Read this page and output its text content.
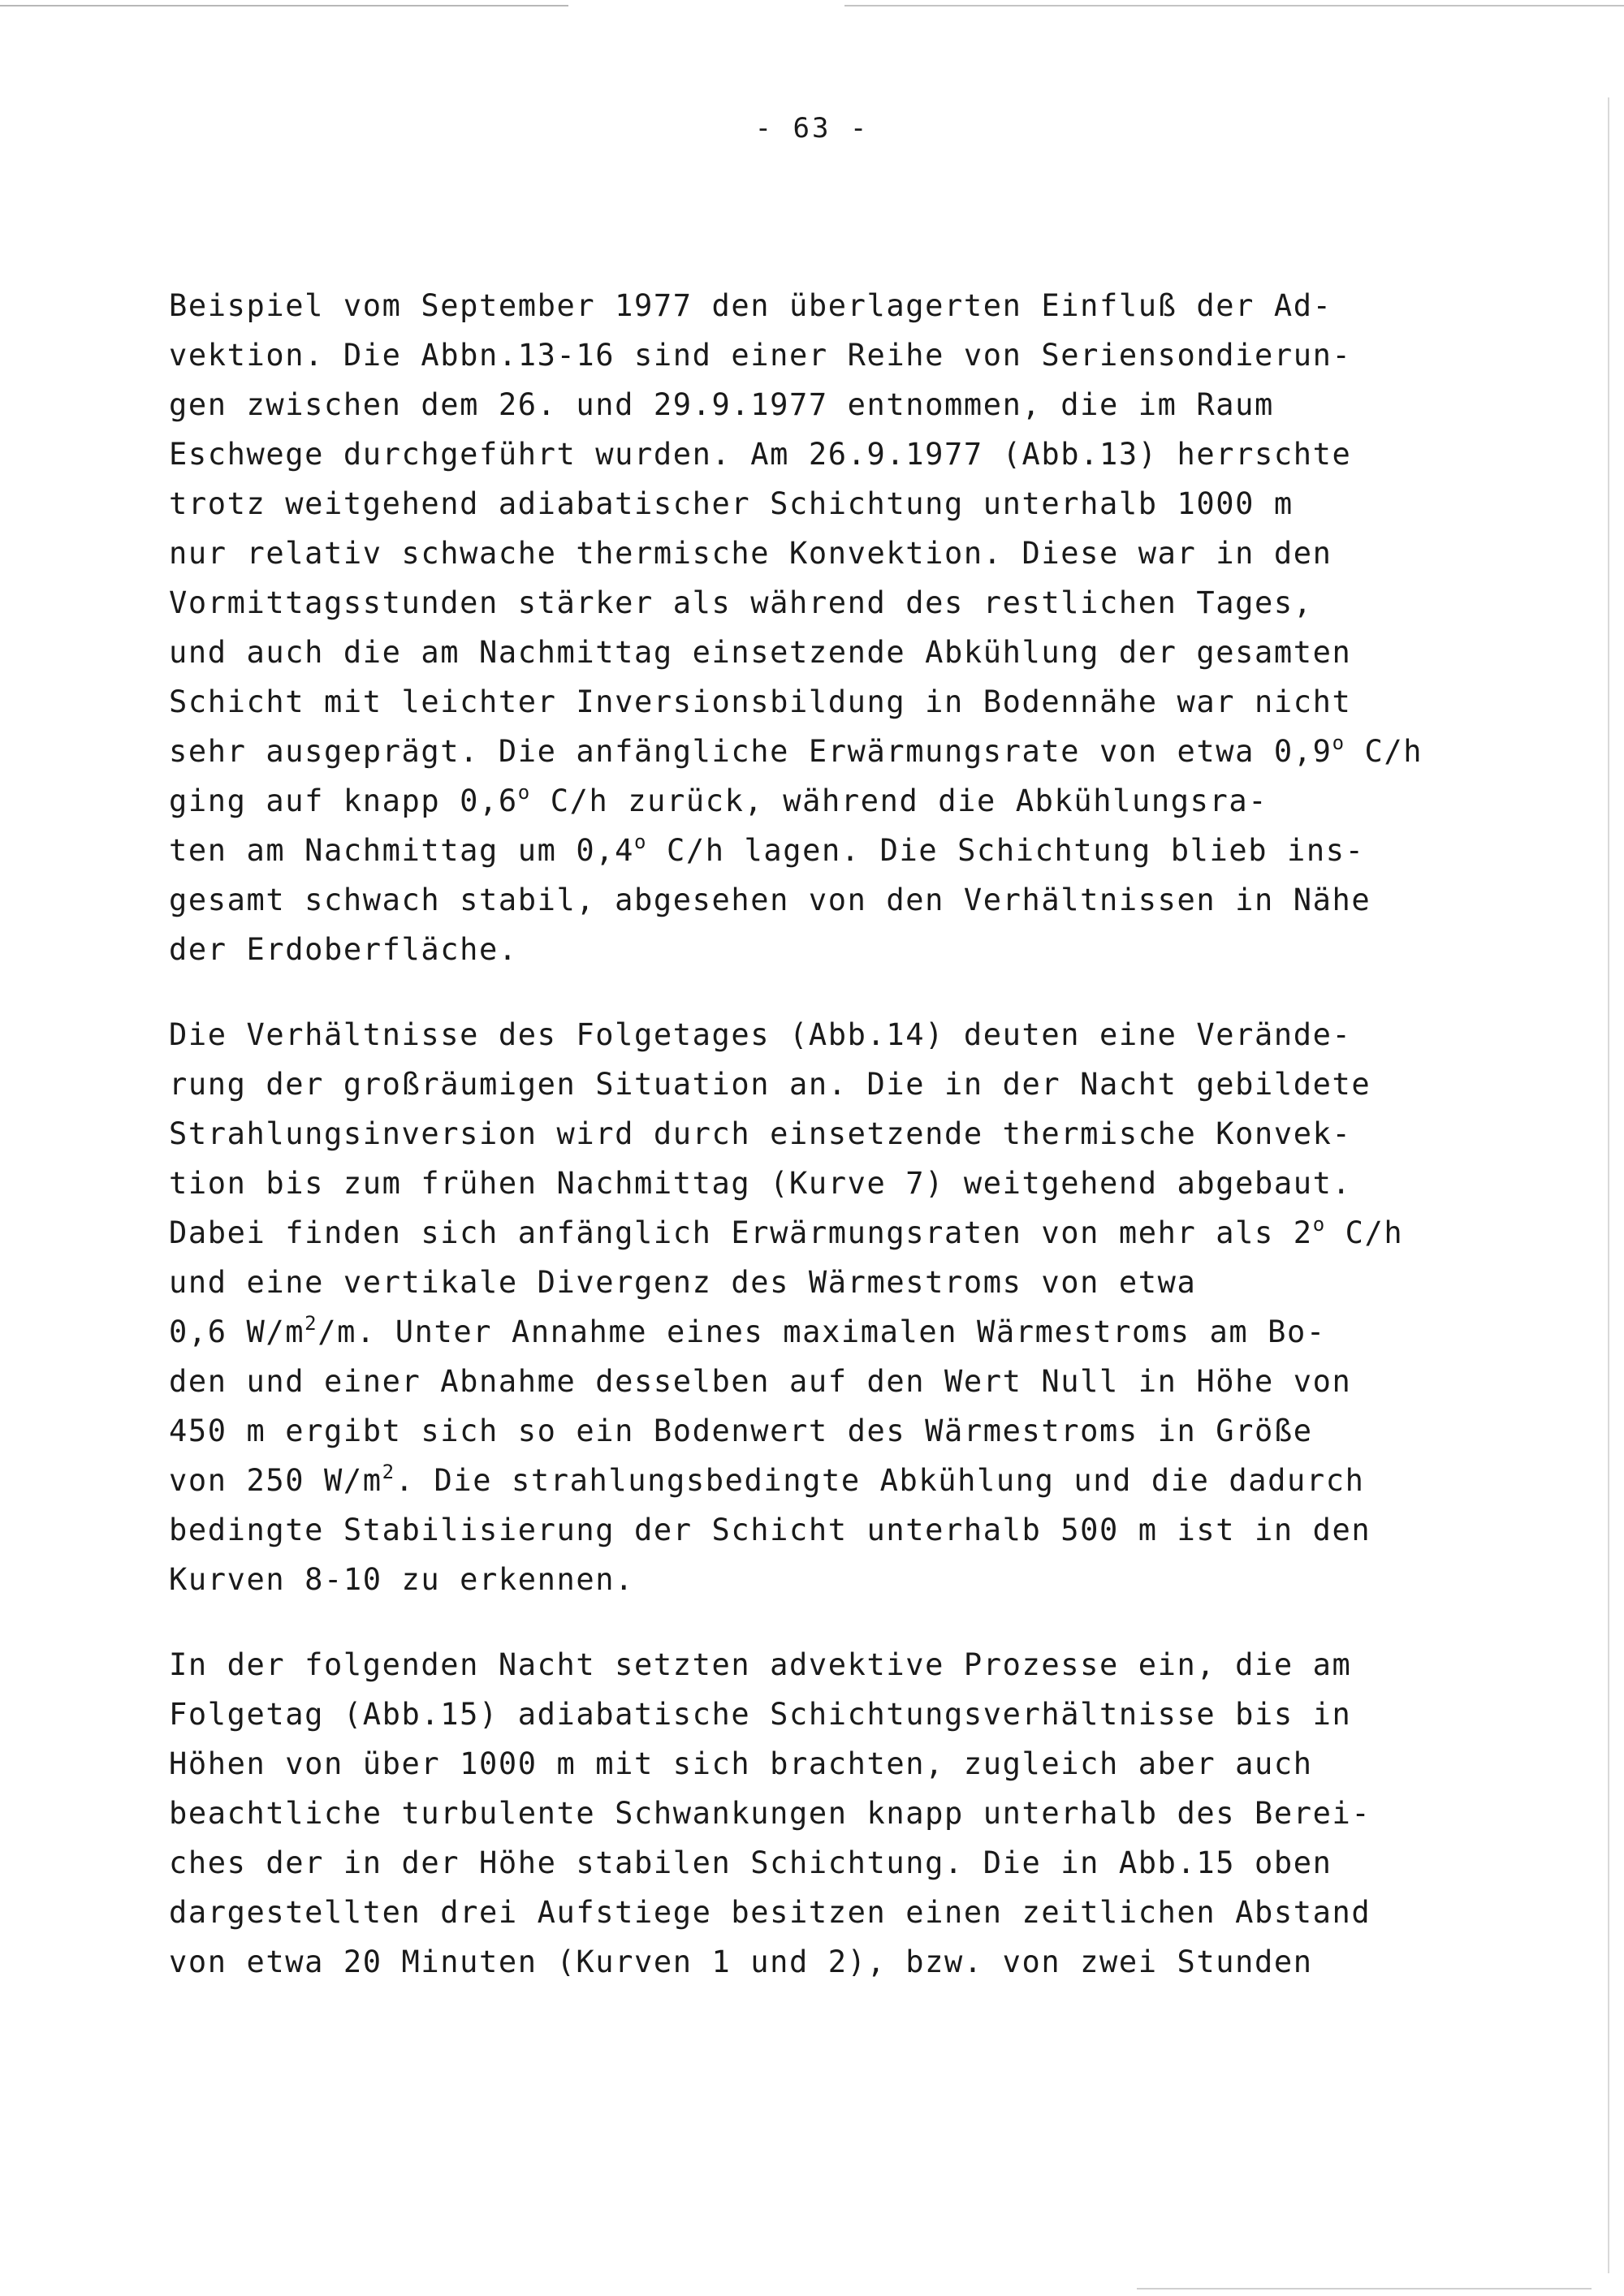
- 63 -
Beispiel vom September 1977 den überlagerten Einfluß der Ad-
vektion. Die Abbn.13-16 sind einer Reihe von Seriensondierun-
gen zwischen dem 26. und 29.9.1977 entnommen, die im Raum
Eschwege durchgeführt wurden. Am 26.9.1977 (Abb.13) herrschte
trotz weitgehend adiabatischer Schichtung unterhalb 1000 m
nur relativ schwache thermische Konvektion. Diese war in den
Vormittagsstunden stärker als während des restlichen Tages,
und auch die am Nachmittag einsetzende Abkühlung der gesamten
Schicht mit leichter Inversionsbildung in Bodennähe war nicht
sehr ausgeprägt. Die anfängliche Erwärmungsrate von etwa 0,9$^o$ C/h
ging auf knapp 0,6$^o$ C/h zurück, während die Abkühlungsra-
ten am Nachmittag um 0,4$^o$ C/h lagen. Die Schichtung blieb ins-
gesamt schwach stabil, abgesehen von den Verhältnissen in Nähe
der Erdoberfläche.
Die Verhältnisse des Folgetages (Abb.14) deuten eine Verände-
rung der großräumigen Situation an. Die in der Nacht gebildete
Strahlungsinversion wird durch einsetzende thermische Konvek-
tion bis zum frühen Nachmittag (Kurve 7) weitgehend abgebaut.
Dabei finden sich anfänglich Erwärmungsraten von mehr als 2$^o$ C/h
und eine vertikale Divergenz des Wärmestroms von etwa
0,6 $W/m^2/m$. Unter Annahme eines maximalen Wärmestroms am Bo-
den und einer Abnahme desselben auf den Wert Null in Höhe von
450 m ergibt sich so ein Bodenwert des Wärmestroms in Größe
von 250 $W/m^2$. Die strahlungsbedingte Abkühlung und die dadurch
bedingte Stabilisierung der Schicht unterhalb 500 m ist in den
Kurven 8-10 zu erkennen.
In der folgenden Nacht setzten advektive Prozesse ein, die am
Folgetag (Abb.15) adiabatische Schichtungsverhältnisse bis in
Höhen von über 1000 m mit sich brachten, zugleich aber auch
beachtliche turbulente Schwankungen knapp unterhalb des Berei-
ches der in der Höhe stabilen Schichtung. Die in Abb.15 oben
dargestellten drei Aufstiege besitzen einen zeitlichen Abstand
von etwa 20 Minuten (Kurven 1 und 2), bzw. von zwei Stunden
